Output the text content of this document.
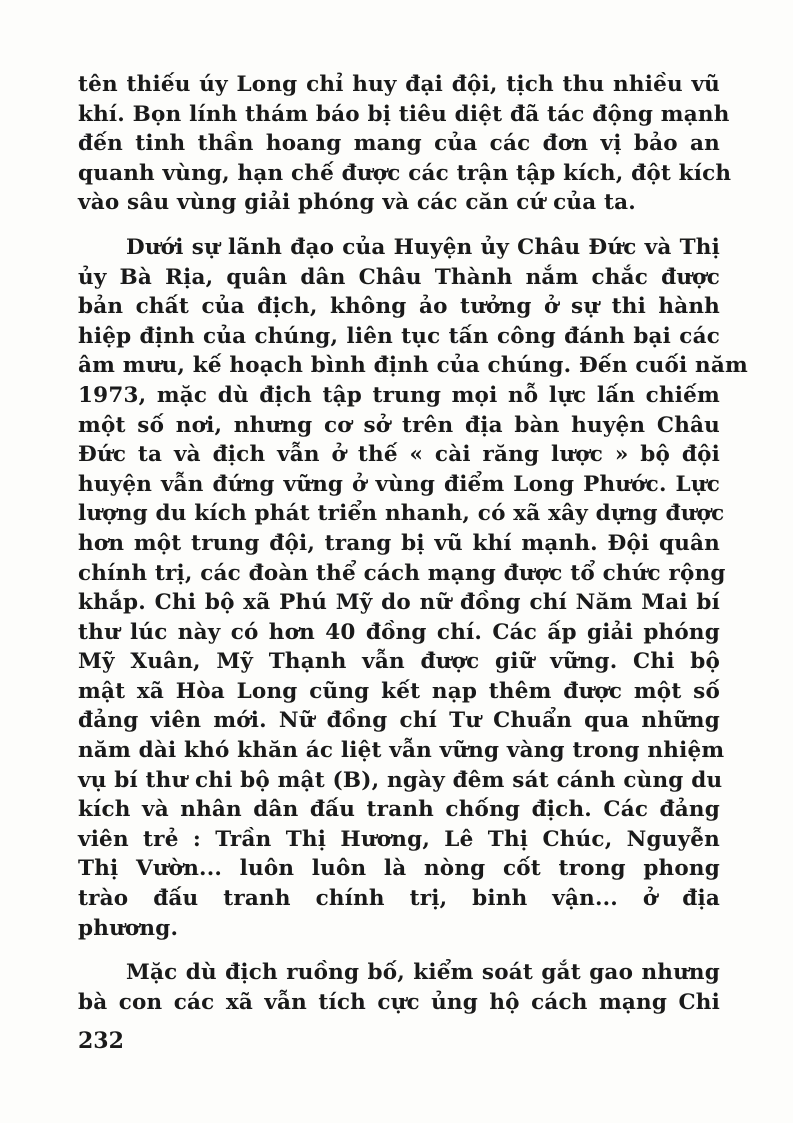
tên thiếu úy Long chỉ huy đại đội, tịch thu nhiều vũ
khí. Bọn lính thám báo bị tiêu diệt đã tác động mạnh
đến tinh thần hoang mang của các đơn vị bảo an
quanh vùng, hạn chế được các trận tập kích, đột kích
vào sâu vùng giải phóng và các căn cứ của ta.
Dưới sự lãnh đạo của Huyện ủy Châu Đức và Thị
ủy Bà Rịa, quân dân Châu Thành nắm chắc được
bản chất của địch, không ảo tưởng ở sự thi hành
hiệp định của chúng, liên tục tấn công đánh bại các
âm mưu, kế hoạch bình định của chúng. Đến cuối năm
1973, mặc dù địch tập trung mọi nỗ lực lấn chiếm
một số nơi, nhưng cơ sở trên địa bàn huyện Châu
Đức ta và địch vẫn ở thế « cài răng lược » bộ đội
huyện vẫn đứng vững ở vùng điểm Long Phước. Lực
lượng du kích phát triển nhanh, có xã xây dựng được
hơn một trung đội, trang bị vũ khí mạnh. Đội quân
chính trị, các đoàn thể cách mạng được tổ chức rộng
khắp. Chi bộ xã Phú Mỹ do nữ đồng chí Năm Mai bí
thư lúc này có hơn 40 đồng chí. Các ấp giải phóng
Mỹ Xuân, Mỹ Thạnh vẫn được giữ vững. Chi bộ
mật xã Hòa Long cũng kết nạp thêm được một số
đảng viên mới. Nữ đồng chí Tư Chuẩn qua những
năm dài khó khăn ác liệt vẫn vững vàng trong nhiệm
vụ bí thư chi bộ mật (B), ngày đêm sát cánh cùng du
kích và nhân dân đấu tranh chống địch. Các đảng
viên trẻ : Trần Thị Hương, Lê Thị Chúc, Nguyễn
Thị Vườn... luôn luôn là nòng cốt trong phong
trào đấu tranh chính trị, binh vận... ở địa
phương.
Mặc dù địch ruồng bố, kiểm soát gắt gao nhưng
bà con các xã vẫn tích cực ủng hộ cách mạng Chi
232
